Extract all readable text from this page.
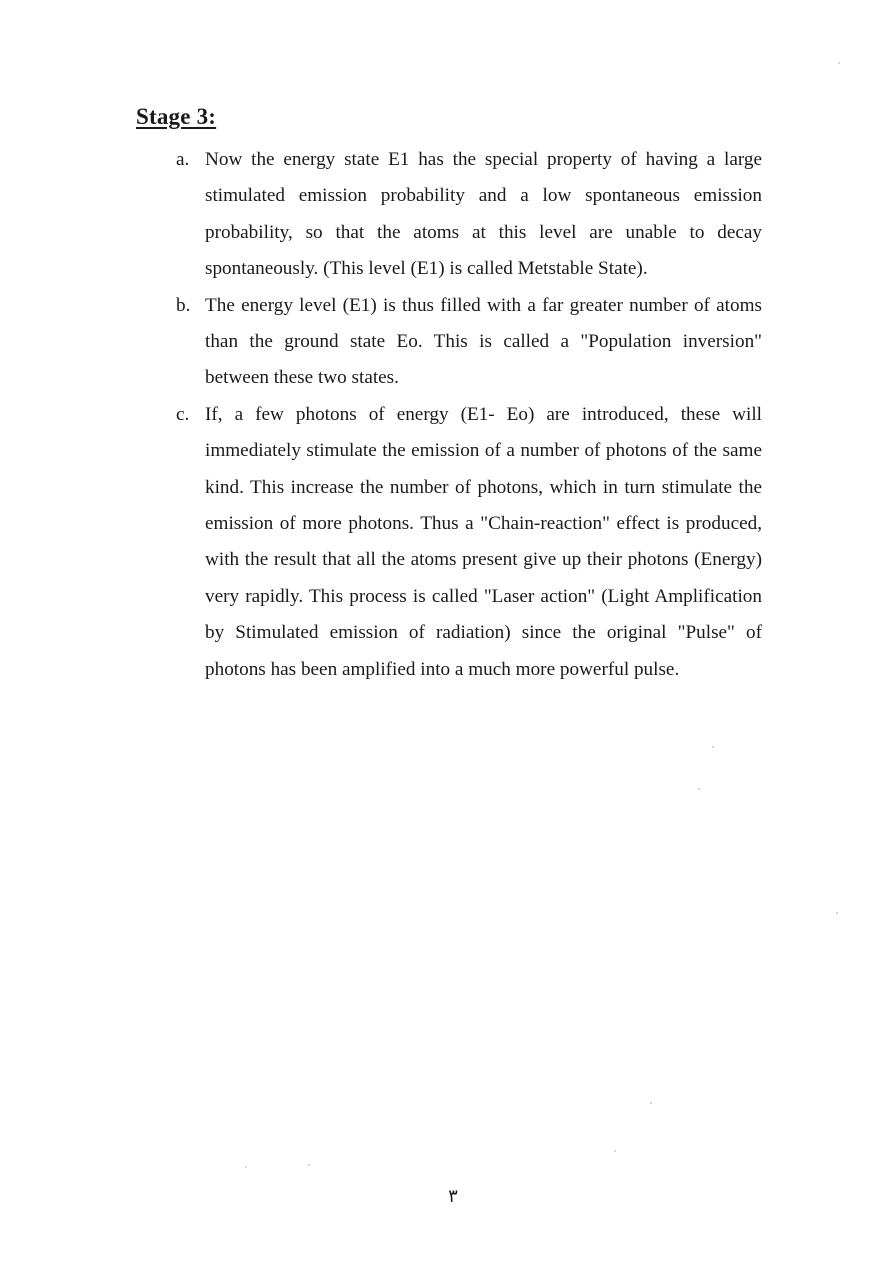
Stage 3:
a. Now the energy state E1 has the special property of having a large stimulated emission probability and a low spontaneous emission probability, so that the atoms at this level are unable to decay spontaneously. (This level (E1) is called Metstable State).
b. The energy level (E1) is thus filled with a far greater number of atoms than the ground state Eo. This is called a "Population inversion" between these two states.
c. If, a few photons of energy (E1- Eo) are introduced, these will immediately stimulate the emission of a number of photons of the same kind. This increase the number of photons, which in turn stimulate the emission of more photons. Thus a "Chain-reaction" effect is produced, with the result that all the atoms present give up their photons (Energy) very rapidly. This process is called "Laser action" (Light Amplification by Stimulated emission of radiation) since the original "Pulse" of photons has been amplified into a much more powerful pulse.
٣
